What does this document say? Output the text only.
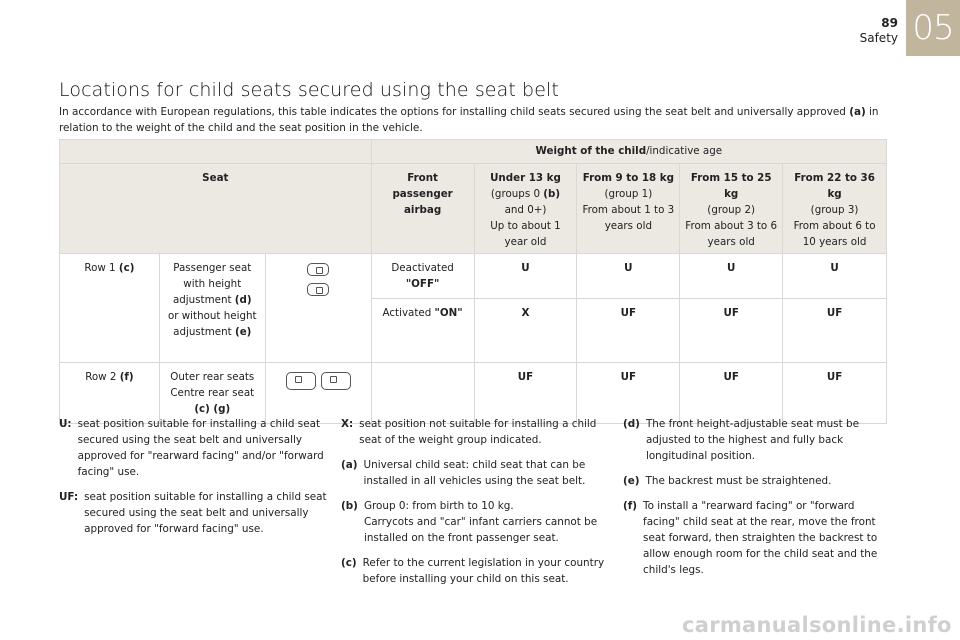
05
89
Safety
Locations for child seats secured using the seat belt

In accordance with European regulations, this table indicates the options for installing child seats secured using the seat belt and universally approved (a) in relation to the weight of the child and the seat position in the vehicle.

			Weight of the child/indicative age				
Seat			Front passenger airbag	Under 13 kg
(groups 0 (b)
and 0+)
Up to about 1 year old	From 9 to 18 kg
(group 1)
From about 1 to 3 years old	From 15 to 25 kg
(group 2)
From about 3 to 6 years old	From 22 to 36 kg
(group 3)
From about 6 to 10 years old
Row 1 (c)	Passenger seat with height adjustment (d) or without height adjustment (e)		Deactivated
"OFF"	U	U	U	U
			Activated "ON"	X	UF	UF	UF
Row 2 (f)	Outer rear seats
Centre rear seat
(c) (g)			UF	UF	UF	UF
U: seat position suitable for installing a child seat secured using the seat belt and universally approved for "rearward facing" and/or "forward facing" use.
UF: seat position suitable for installing a child seat secured using the seat belt and universally approved for "forward facing" use.
X: seat position not suitable for installing a child seat of the weight group indicated.
(a) Universal child seat: child seat that can be installed in all vehicles using the seat belt.
(b) Group 0: from birth to 10 kg.
Carrycots and "car" infant carriers cannot be installed on the front passenger seat.
(c) Refer to the current legislation in your country before installing your child on this seat.
(d) The front height-adjustable seat must be adjusted to the highest and fully back longitudinal position.
(e) The backrest must be straightened.
(f) To install a "rearward facing" or "forward facing" child seat at the rear, move the front seat forward, then straighten the backrest to allow enough room for the child seat and the child's legs.
carmanualsonline.info
